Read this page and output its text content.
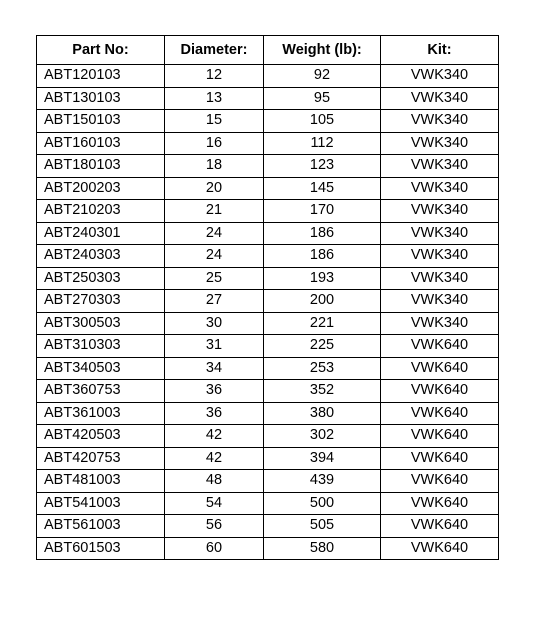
Part No:	Diameter:	Weight (lb):	Kit:
ABT120103	12	92	VWK340
ABT130103	13	95	VWK340
ABT150103	15	105	VWK340
ABT160103	16	112	VWK340
ABT180103	18	123	VWK340
ABT200203	20	145	VWK340
ABT210203	21	170	VWK340
ABT240301	24	186	VWK340
ABT240303	24	186	VWK340
ABT250303	25	193	VWK340
ABT270303	27	200	VWK340
ABT300503	30	221	VWK340
ABT310303	31	225	VWK640
ABT340503	34	253	VWK640
ABT360753	36	352	VWK640
ABT361003	36	380	VWK640
ABT420503	42	302	VWK640
ABT420753	42	394	VWK640
ABT481003	48	439	VWK640
ABT541003	54	500	VWK640
ABT561003	56	505	VWK640
ABT601503	60	580	VWK640
